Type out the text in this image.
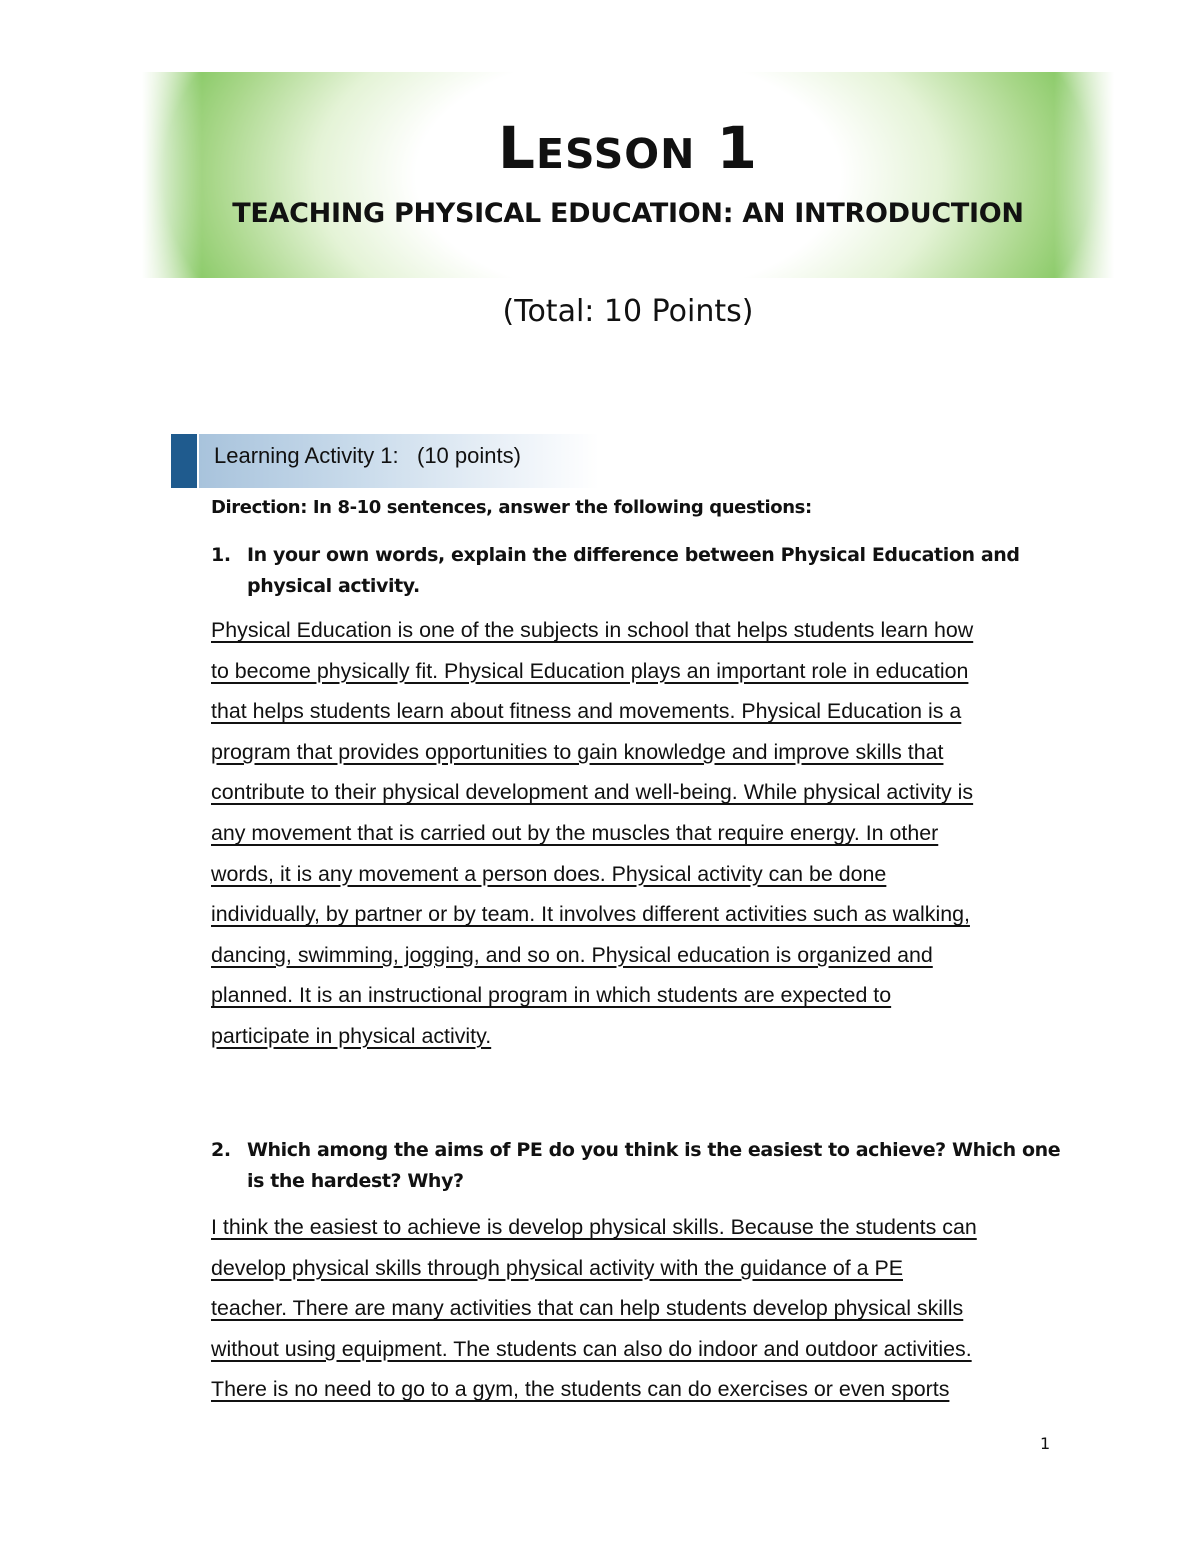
Lesson 1
TEACHING PHYSICAL EDUCATION: AN INTRODUCTION
(Total: 10 Points)
Learning Activity 1:   (10 points)
Direction: In 8-10 sentences, answer the following questions:
1. In your own words, explain the difference between Physical Education and physical activity.
Physical Education is one of the subjects in school that helps students learn how
to become physically fit. Physical Education plays an important role in education
that helps students learn about fitness and movements. Physical Education is a
program that provides opportunities to gain knowledge and improve skills that
contribute to their physical development and well-being. While physical activity is
any movement that is carried out by the muscles that require energy. In other
words, it is any movement a person does. Physical activity can be done
individually, by partner or by team. It involves different activities such as walking,
dancing, swimming, jogging, and so on. Physical education is organized and
planned. It is an instructional program in which students are expected to
participate in physical activity.
2. Which among the aims of PE do you think is the easiest to achieve? Which one is the hardest? Why?
I think the easiest to achieve is develop physical skills. Because the students can
develop physical skills through physical activity with the guidance of a PE
teacher. There are many activities that can help students develop physical skills
without using equipment. The students can also do indoor and outdoor activities.
There is no need to go to a gym, the students can do exercises or even sports
1
